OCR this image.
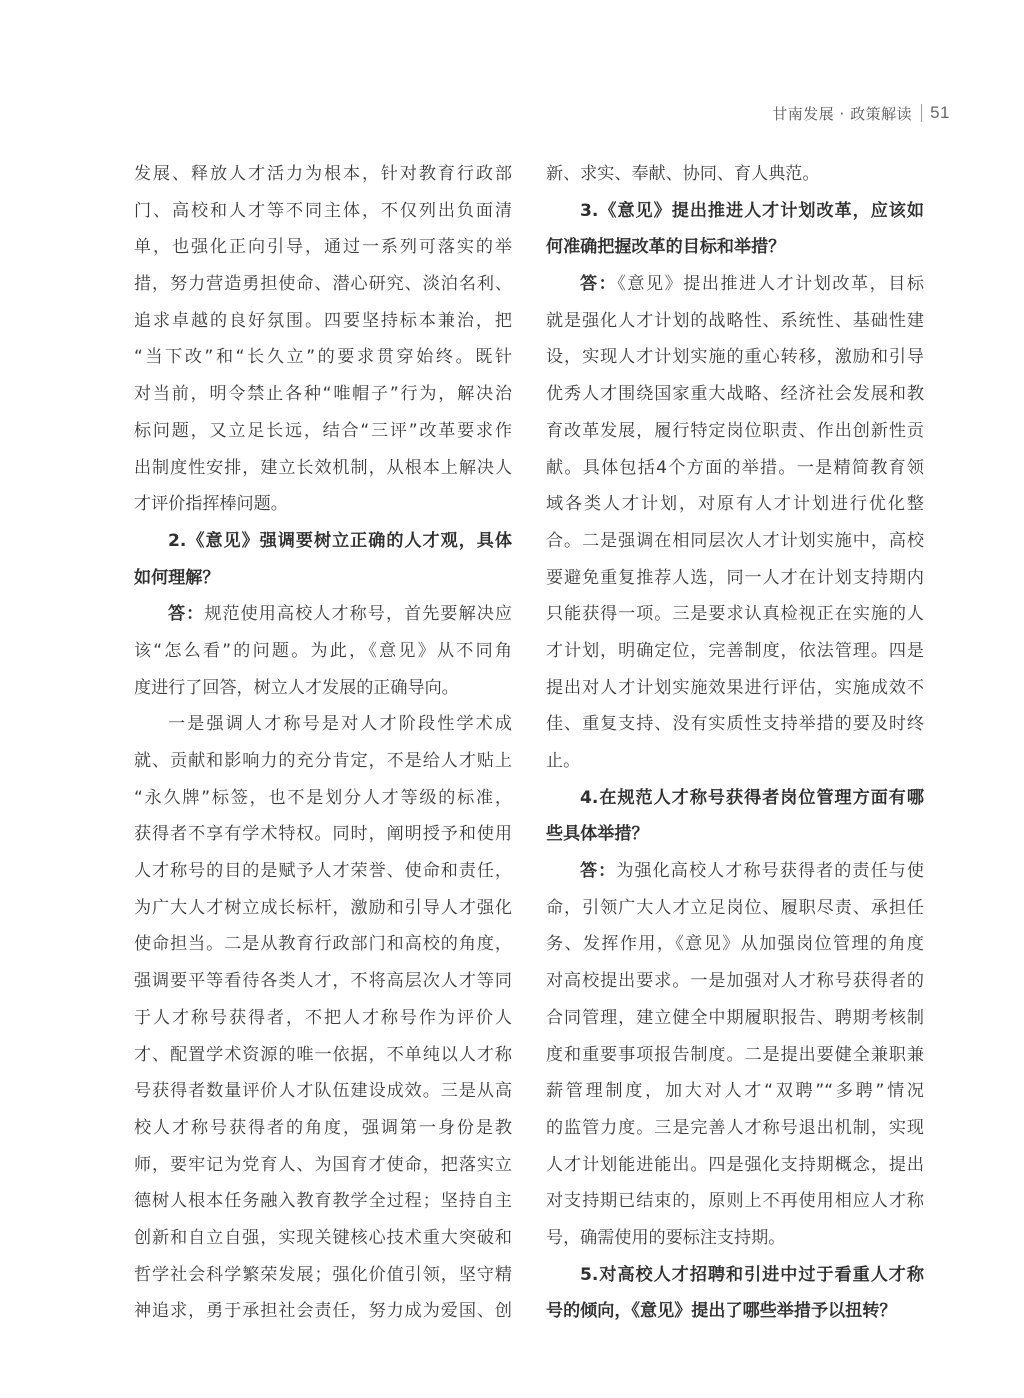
甘南发展 · 政策解读 51
发展、释放人才活力为根本，针对教育行政部
门、高校和人才等不同主体，不仅列出负面清
单，也强化正向引导，通过一系列可落实的举
措，努力营造勇担使命、潜心研究、淡泊名利、
追求卓越的良好氛围。四要坚持标本兼治，把
“当下改”和“长久立”的要求贯穿始终。既针
对当前，明令禁止各种“唯帽子”行为，解决治
标问题，又立足长远，结合“三评”改革要求作
出制度性安排，建立长效机制，从根本上解决人
才评价指挥棒问题。
2.《意见》强调要树立正确的人才观，具体
如何理解？
答：规范使用高校人才称号，首先要解决应
该“怎么看”的问题。为此，《意见》从不同角
度进行了回答，树立人才发展的正确导向。
一是强调人才称号是对人才阶段性学术成
就、贡献和影响力的充分肯定，不是给人才贴上
“永久牌”标签，也不是划分人才等级的标准，
获得者不享有学术特权。同时，阐明授予和使用
人才称号的目的是赋予人才荣誉、使命和责任，
为广大人才树立成长标杆，激励和引导人才强化
使命担当。二是从教育行政部门和高校的角度，
强调要平等看待各类人才，不将高层次人才等同
于人才称号获得者，不把人才称号作为评价人
才、配置学术资源的唯一依据，不单纯以人才称
号获得者数量评价人才队伍建设成效。三是从高
校人才称号获得者的角度，强调第一身份是教
师，要牢记为党育人、为国育才使命，把落实立
德树人根本任务融入教育教学全过程；坚持自主
创新和自立自强，实现关键核心技术重大突破和
哲学社会科学繁荣发展；强化价值引领，坚守精
神追求，勇于承担社会责任，努力成为爱国、创
新、求实、奉献、协同、育人典范。
3.《意见》提出推进人才计划改革，应该如
何准确把握改革的目标和举措？
答：《意见》提出推进人才计划改革，目标
就是强化人才计划的战略性、系统性、基础性建
设，实现人才计划实施的重心转移，激励和引导
优秀人才围绕国家重大战略、经济社会发展和教
育改革发展，履行特定岗位职责、作出创新性贡
献。具体包括4个方面的举措。一是精简教育领
域各类人才计划，对原有人才计划进行优化整
合。二是强调在相同层次人才计划实施中，高校
要避免重复推荐人选，同一人才在计划支持期内
只能获得一项。三是要求认真检视正在实施的人
才计划，明确定位，完善制度，依法管理。四是
提出对人才计划实施效果进行评估，实施成效不
佳、重复支持、没有实质性支持举措的要及时终
止。
4.在规范人才称号获得者岗位管理方面有哪
些具体举措？
答：为强化高校人才称号获得者的责任与使
命，引领广大人才立足岗位、履职尽责、承担任
务、发挥作用，《意见》从加强岗位管理的角度
对高校提出要求。一是加强对人才称号获得者的
合同管理，建立健全中期履职报告、聘期考核制
度和重要事项报告制度。二是提出要健全兼职兼
薪管理制度，加大对人才“双聘”“多聘”情况
的监管力度。三是完善人才称号退出机制，实现
人才计划能进能出。四是强化支持期概念，提出
对支持期已结束的，原则上不再使用相应人才称
号，确需使用的要标注支持期。
5.对高校人才招聘和引进中过于看重人才称
号的倾向，《意见》提出了哪些举措予以扭转？
